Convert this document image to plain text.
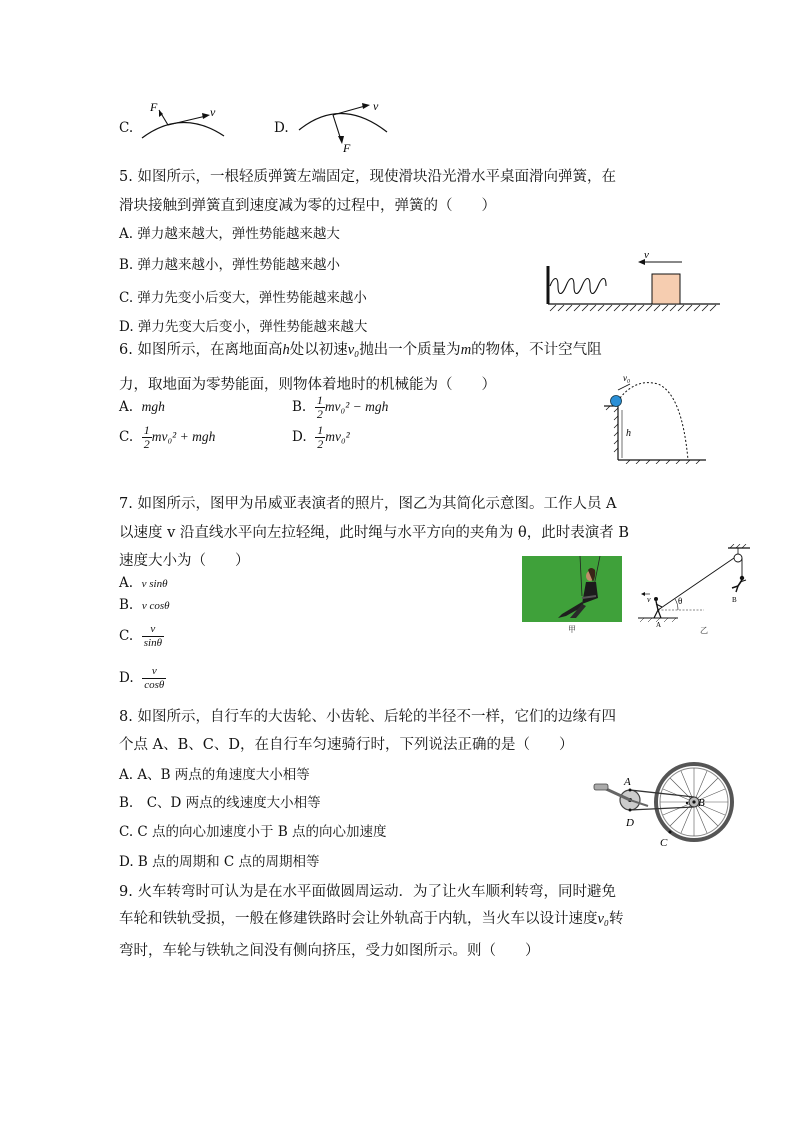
C.
F	v
D.
v
F
5. 如图所示，一根轻质弹簧左端固定，现使滑块沿光滑水平桌面滑向弹簧，在
滑块接触到弹簧直到速度减为零的过程中，弹簧的（　　）
A. 弹力越来越大，弹性势能越来越大
B. 弹力越来越小，弹性势能越来越小
C. 弹力先变小后变大，弹性势能越来越小
D. 弹力先变大后变小，弹性势能越来越大
v
6. 如图所示，在离地面高h处以初速v₀抛出一个质量为m的物体，不计空气阻
力，取地面为零势能面，则物体着地时的机械能为（　　）
A. mgh	B. $\frac{1}{2} mv_0^2$ − mgh
C. $\frac{1}{2} mv_0^2$ + mgh	D. $\frac{1}{2} mv_0^2$
v₀
h
7. 如图所示，图甲为吊威亚表演者的照片，图乙为其简化示意图。工作人员 A
以速度 v 沿直线水平向左拉轻绳，此时绳与水平方向的夹角为 θ，此时表演者 B
速度大小为（　　）
A. v sinθ
B. v cosθ
C. $\frac{v}{\sin\theta}$
D. $\frac{v}{\cos\theta}$
甲
θ
v
A
B
乙
8. 如图所示，自行车的大齿轮、小齿轮、后轮的半径不一样，它们的边缘有四
个点 A、B、C、D，在自行车匀速骑行时，下列说法正确的是（　　）
A. A、B 两点的角速度大小相等
B.　C、D 两点的线速度大小相等
C. C 点的向心加速度小于 B 点的向心加速度
D. B 点的周期和 C 点的周期相等
A
D
B
C
9. 火车转弯时可认为是在水平面做圆周运动．为了让火车顺利转弯，同时避免
车轮和铁轨受损，一般在修建铁路时会让外轨高于内轨，当火车以设计速度v₀转
弯时，车轮与铁轨之间没有侧向挤压，受力如图所示。则（　　）
